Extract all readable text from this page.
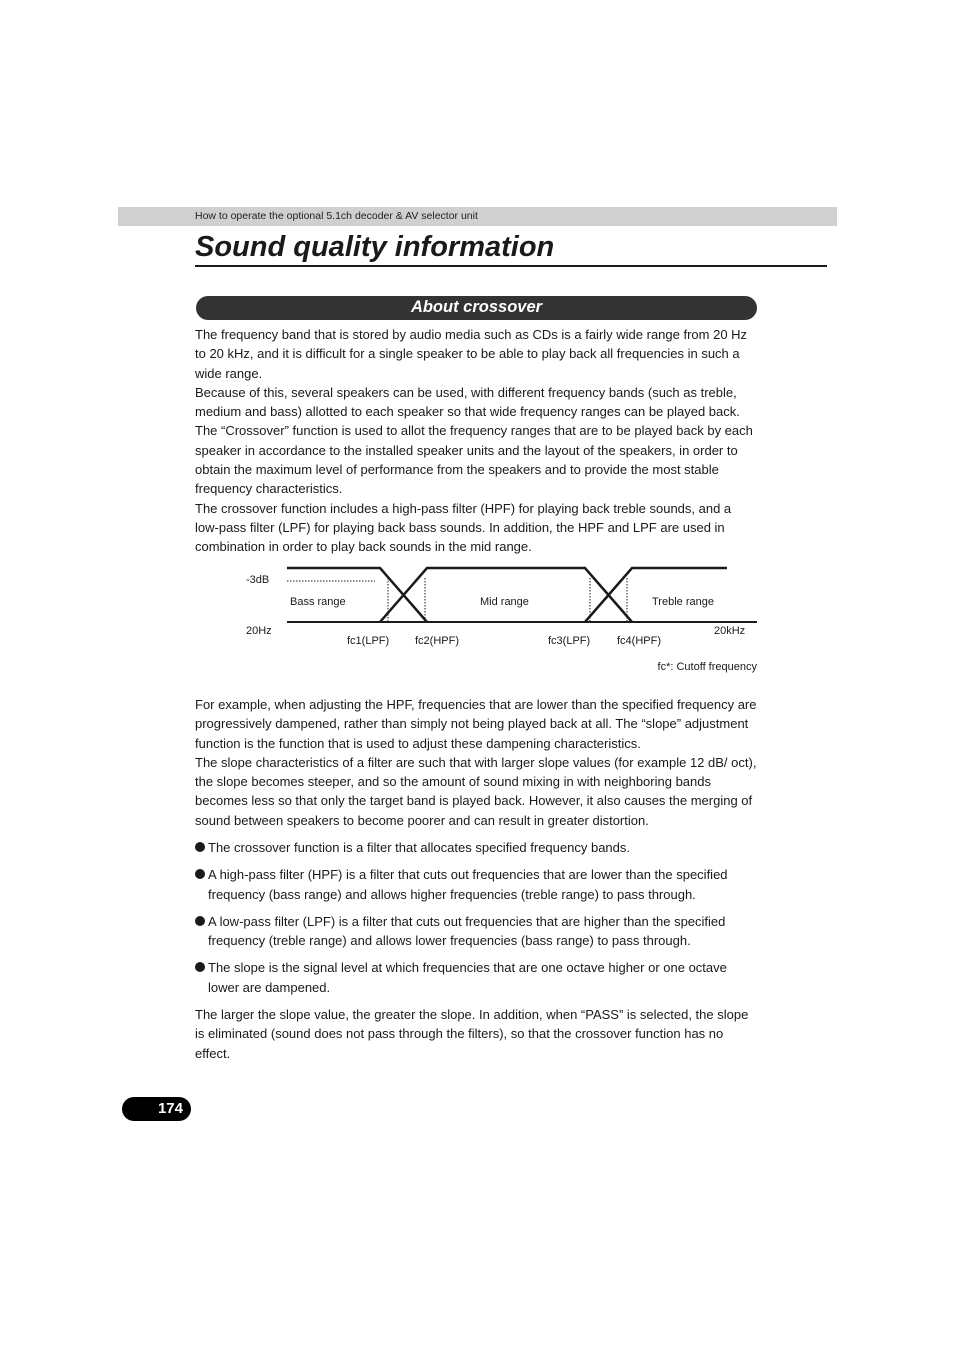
How to operate the optional 5.1ch decoder & AV selector unit
Sound quality information
About crossover
The frequency band that is stored by audio media such as CDs is a fairly wide range from 20 Hz to 20 kHz, and it is difficult for a single speaker to be able to play back all frequencies in such a wide range.
Because of this, several speakers can be used, with different frequency bands (such as treble, medium and bass) allotted to each speaker so that wide frequency ranges can be played back. The “Crossover” function is used to allot the frequency ranges that are to be played back by each speaker in accordance to the installed speaker units and the layout of the speakers, in order to obtain the maximum level of performance from the speakers and to provide the most stable frequency characteristics.
The crossover function includes a high-pass filter (HPF) for playing back treble sounds, and a low-pass filter (LPF) for playing back bass sounds. In addition, the HPF and LPF are used in combination in order to play back sounds in the mid range.
-3dB
Bass range	Mid range	Treble range
20Hz	20kHz
fc1(LPF) fc2(HPF)	fc3(LPF) fc4(HPF)
fc*: Cutoff frequency
For example, when adjusting the HPF, frequencies that are lower than the specified frequency are progressively dampened, rather than simply not being played back at all. The “slope” adjustment function is the function that is used to adjust these dampening characteristics.
The slope characteristics of a filter are such that with larger slope values (for example 12 dB/ oct), the slope becomes steeper, and so the amount of sound mixing in with neighboring bands becomes less so that only the target band is played back. However, it also causes the merging of sound between speakers to become poorer and can result in greater distortion.
The crossover function is a filter that allocates specified frequency bands.
A high-pass filter (HPF) is a filter that cuts out frequencies that are lower than the specified frequency (bass range) and allows higher frequencies (treble range) to pass through.
A low-pass filter (LPF) is a filter that cuts out frequencies that are higher than the specified frequency (treble range) and allows lower frequencies (bass range) to pass through.
The slope is the signal level at which frequencies that are one octave higher or one octave lower are dampened.
The larger the slope value, the greater the slope. In addition, when “PASS” is selected, the slope is eliminated (sound does not pass through the filters), so that the crossover function has no effect.
174
